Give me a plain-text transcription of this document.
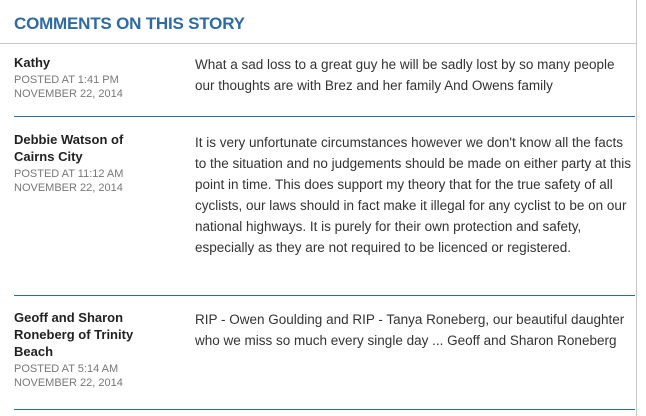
COMMENTS ON THIS STORY
Kathy
POSTED AT 1:41 PM
NOVEMBER 22, 2014
What a sad loss to a great guy he will be sadly lost by so many people our thoughts are with Brez and her family And Owens family
Debbie Watson of Cairns City
POSTED AT 11:12 AM
NOVEMBER 22, 2014
It is very unfortunate circumstances however we don't know all the facts to the situation and no judgements should be made on either party at this point in time. This does support my theory that for the true safety of all cyclists, our laws should in fact make it illegal for any cyclist to be on our national highways. It is purely for their own protection and safety, especially as they are not required to be licenced or registered.
Geoff and Sharon Roneberg of Trinity Beach
POSTED AT 5:14 AM
NOVEMBER 22, 2014
RIP - Owen Goulding and RIP - Tanya Roneberg, our beautiful daughter who we miss so much every single day ... Geoff and Sharon Roneberg
